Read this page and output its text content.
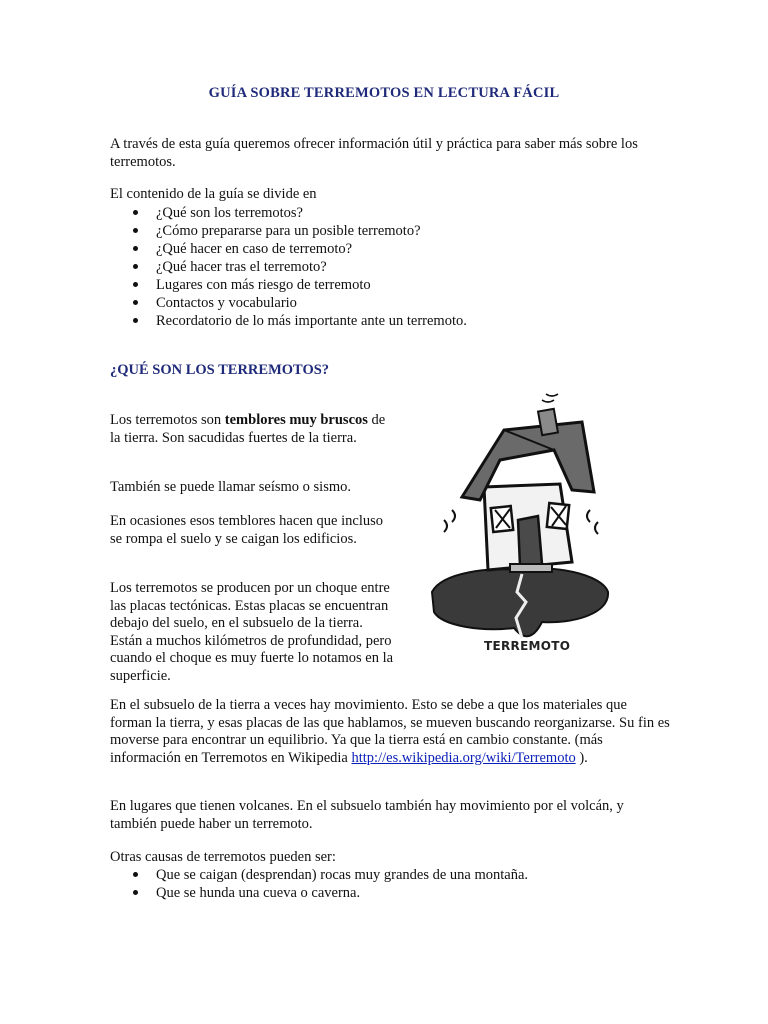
GUÍA SOBRE TERREMOTOS EN LECTURA FÁCIL

A través de esta guía queremos ofrecer información útil y práctica para saber más sobre los terremotos.

El contenido de la guía se divide en

¿Qué son los terremotos?
¿Cómo prepararse para un posible terremoto?
¿Qué hacer en caso de terremoto?
¿Qué hacer tras el terremoto?
Lugares con más riesgo de terremoto
Contactos y vocabulario
Recordatorio de lo más importante ante un terremoto.
¿QUÉ SON LOS TERREMOTOS?

Los terremotos son temblores muy bruscos de la tierra. Son sacudidas fuertes de la tierra.

También se puede llamar seísmo o sismo.

En ocasiones esos temblores hacen que incluso se rompa el suelo y se caigan los edificios.

Los terremotos se producen por un choque entre las placas tectónicas. Estas placas se encuentran debajo del suelo, en el subsuelo de la tierra. Están a muchos kilómetros de profundidad, pero cuando el choque es muy fuerte lo notamos en la superficie.

TERREMOTO

En el subsuelo de la tierra a veces hay movimiento. Esto se debe a que los materiales que forman la tierra, y esas placas de las que hablamos, se mueven buscando reorganizarse. Su fin es moverse para encontrar un equilibrio. Ya que la tierra está en cambio constante. (más información en Terremotos en Wikipedia http://es.wikipedia.org/wiki/Terremoto ).

En lugares que tienen volcanes. En el subsuelo también hay movimiento por el volcán, y también puede haber un terremoto.

Otras causas de terremotos pueden ser:

Que se caigan (desprendan) rocas muy grandes de una montaña.
Que se hunda una cueva o caverna.
